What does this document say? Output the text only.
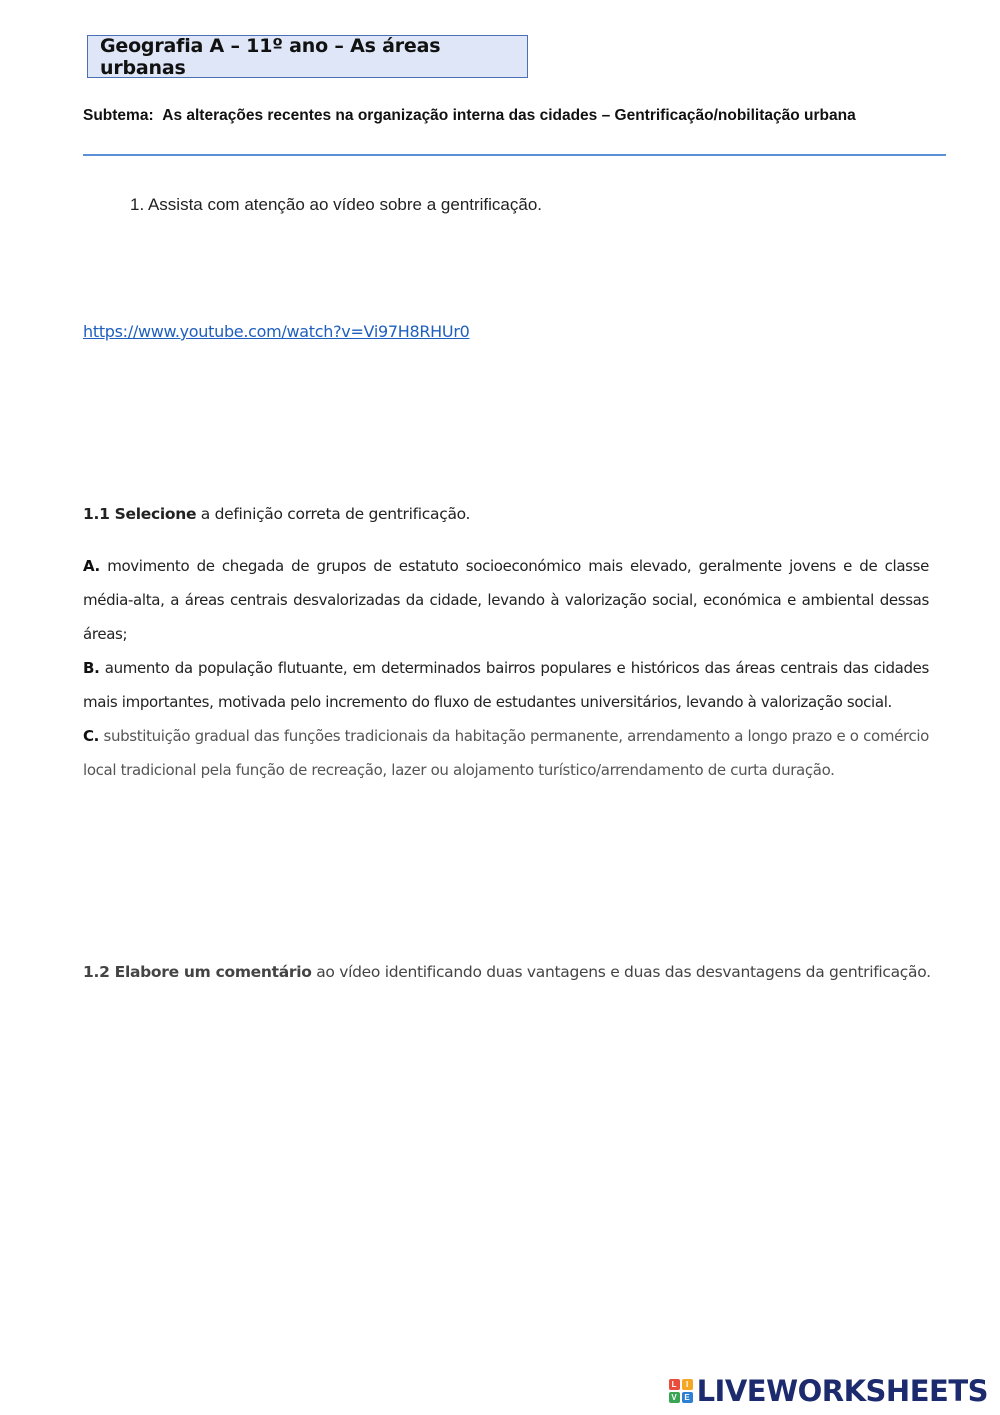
Geografia A – 11º ano – As áreas urbanas
Subtema: As alterações recentes na organização interna das cidades – Gentrificação/nobilitação urbana
1. Assista com atenção ao vídeo sobre a gentrificação.
https://www.youtube.com/watch?v=Vi97H8RHUr0
1.1 Selecione a definição correta de gentrificação.

A. movimento de chegada de grupos de estatuto socioeconómico mais elevado, geralmente jovens e de classe média-alta, a áreas centrais desvalorizadas da cidade, levando à valorização social, económica e ambiental dessas áreas;

B. aumento da população flutuante, em determinados bairros populares e históricos das áreas centrais das cidades mais importantes, motivada pelo incremento do fluxo de estudantes universitários, levando à valorização social.

C. substituição gradual das funções tradicionais da habitação permanente, arrendamento a longo prazo e o comércio local tradicional pela função de recreação, lazer ou alojamento turístico/arrendamento de curta duração.

1.2 Elabore um comentário ao vídeo identificando duas vantagens e duas das desvantagens da gentrificação.
L	I
V E LIVEWORKSHEETS
